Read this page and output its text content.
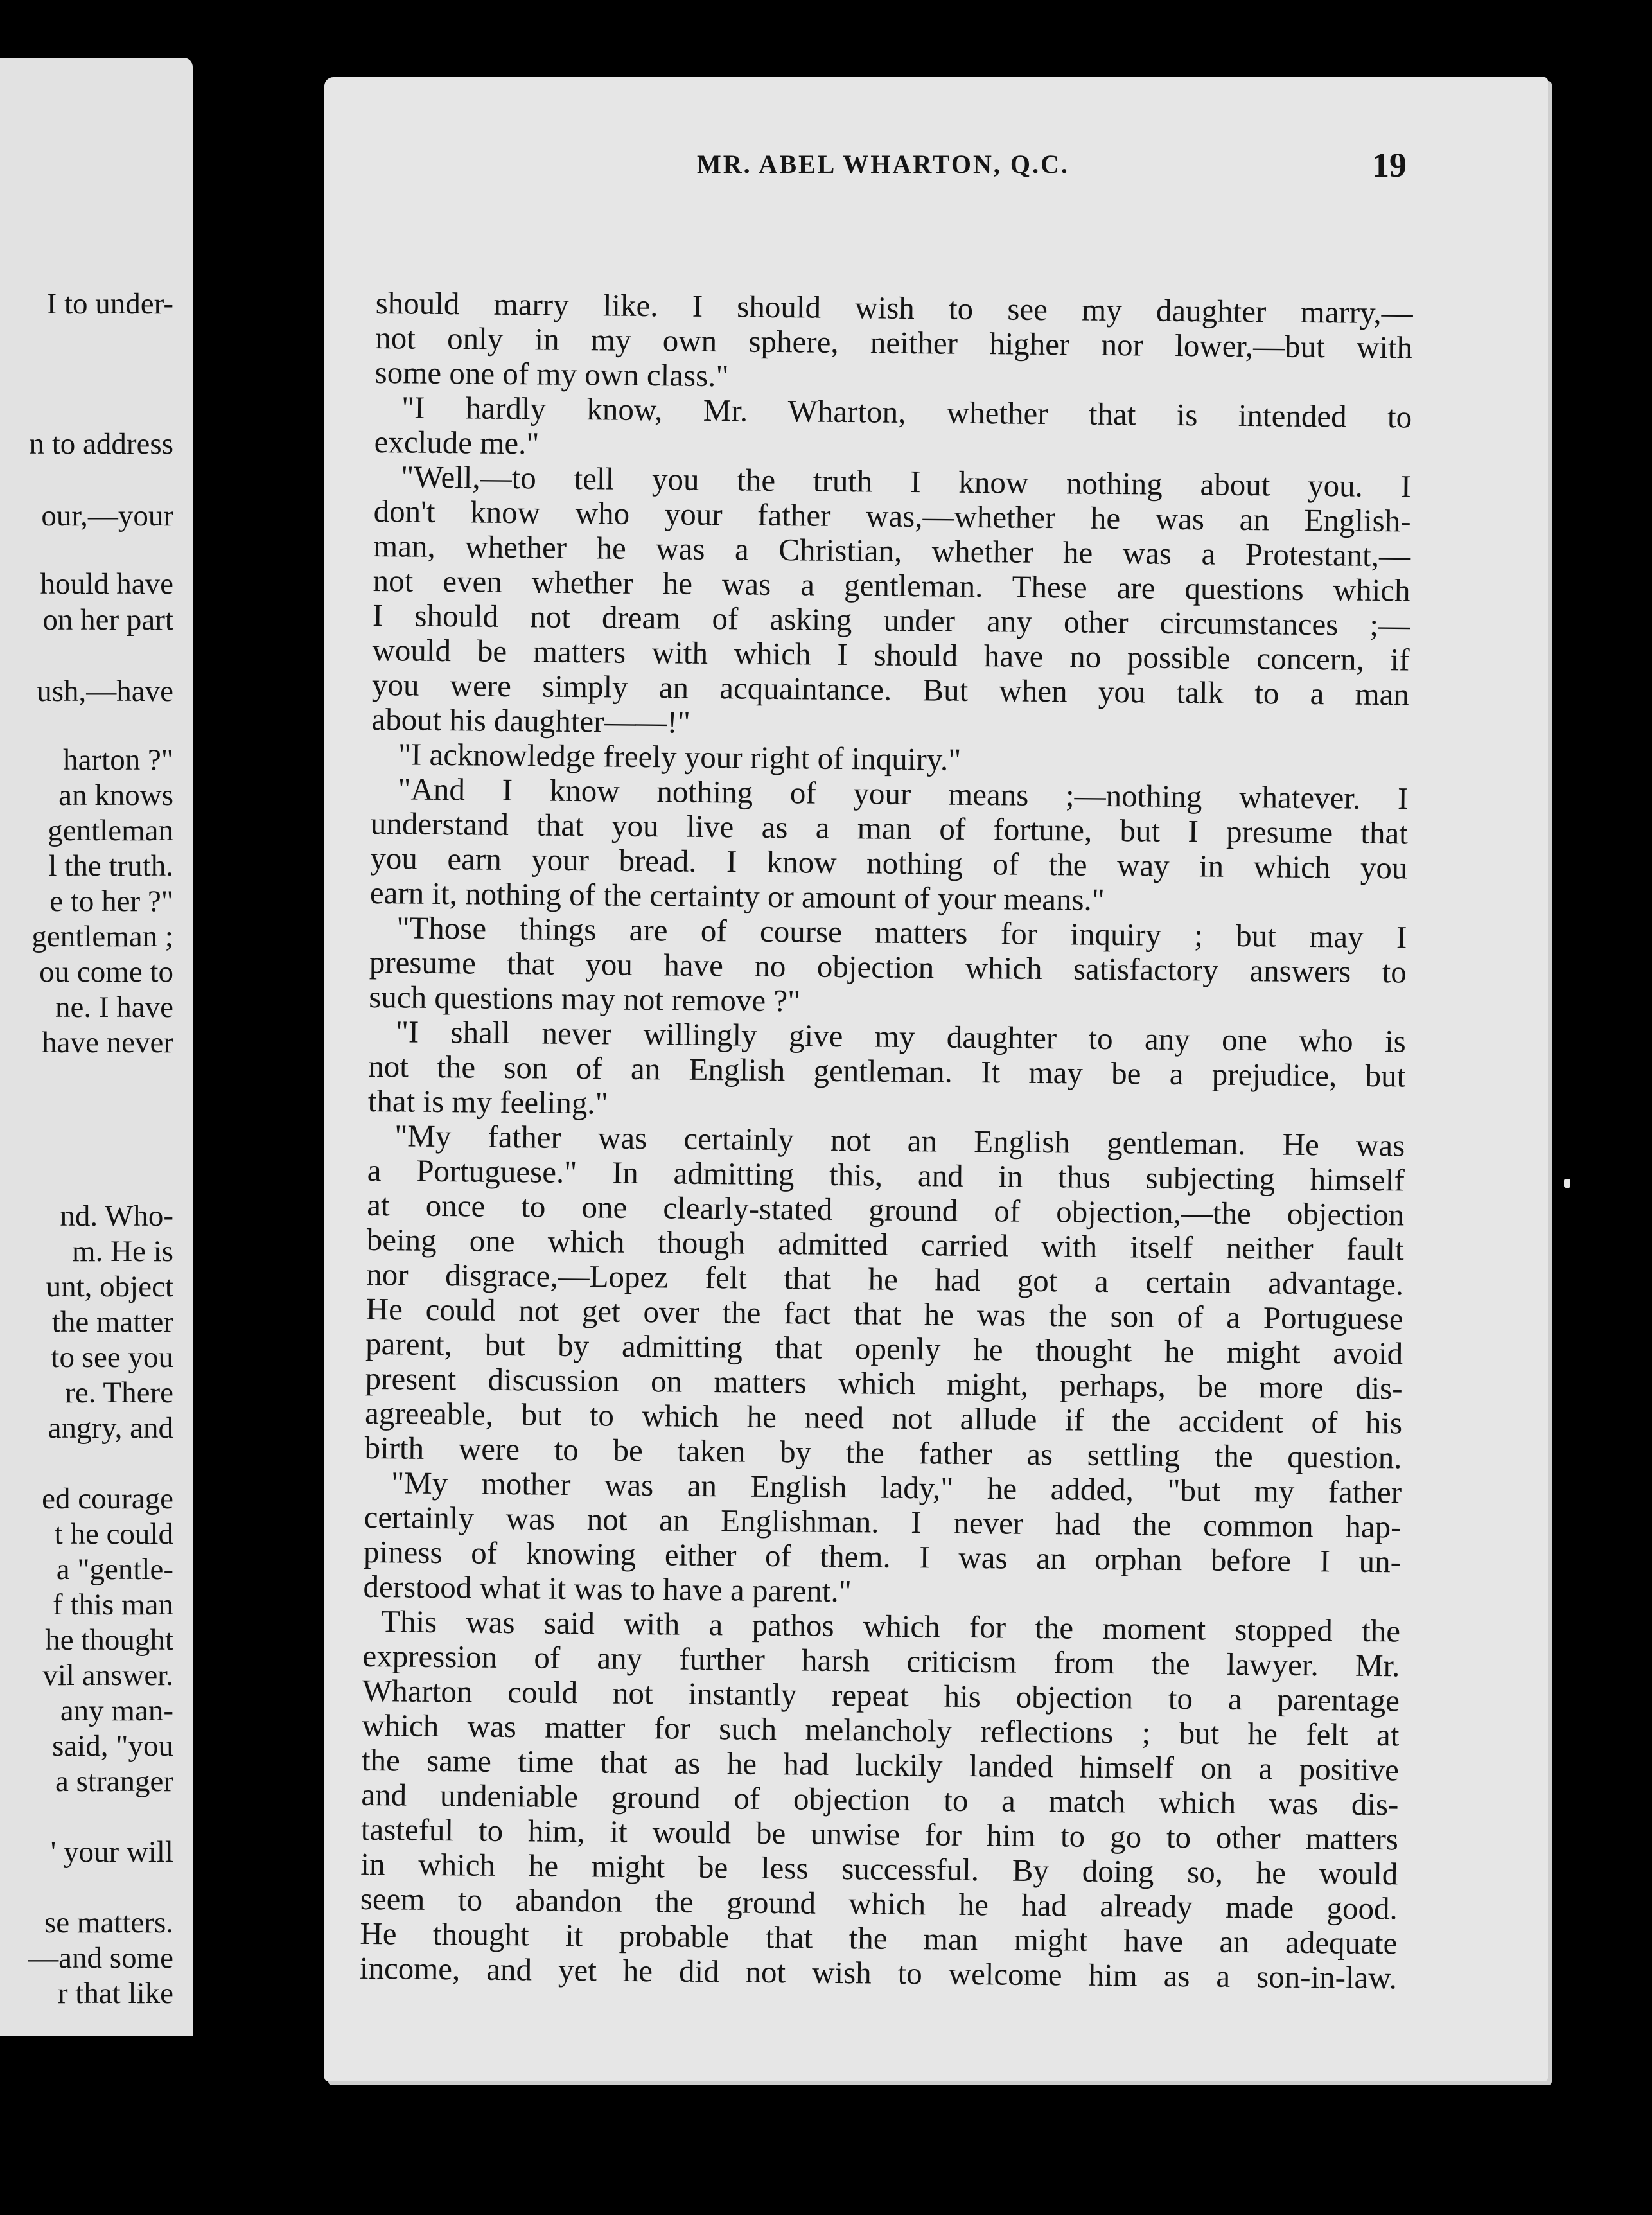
I to under-
n to address
our,—your
hould have
on her part
ush,—have
harton ?"
an knows
gentleman
l the truth.
e to her ?"
gentleman ;
ou come to
ne. I have
have never
nd. Who-
m. He is
unt, object
the matter
to see you
re. There
angry, and
ed courage
t he could
a "gentle-
f this man
he thought
vil answer.
any man-
said, "you
a stranger
' your will
se matters.
—and some
r that like
MR. ABEL WHARTON, Q.C.	19
should marry like. I should wish to see my daughter marry,—
not only in my own sphere, neither higher nor lower,—but with
some one of my own class."
"I hardly know, Mr. Wharton, whether that is intended to
exclude me."
"Well,—to tell you the truth I know nothing about you. I
don't know who your father was,—whether he was an English-
man, whether he was a Christian, whether he was a Protestant,—
not even whether he was a gentleman. These are questions which
I should not dream of asking under any other circumstances ;—
would be matters with which I should have no possible concern, if
you were simply an acquaintance. But when you talk to a man
about his daughter——!"
"I acknowledge freely your right of inquiry."
"And I know nothing of your means ;—nothing whatever. I
understand that you live as a man of fortune, but I presume that
you earn your bread. I know nothing of the way in which you
earn it, nothing of the certainty or amount of your means."
"Those things are of course matters for inquiry ; but may I
presume that you have no objection which satisfactory answers to
such questions may not remove ?"
"I shall never willingly give my daughter to any one who is
not the son of an English gentleman. It may be a prejudice, but
that is my feeling."
"My father was certainly not an English gentleman. He was
a Portuguese." In admitting this, and in thus subjecting himself
at once to one clearly-stated ground of objection,—the objection
being one which though admitted carried with itself neither fault
nor disgrace,—Lopez felt that he had got a certain advantage.
He could not get over the fact that he was the son of a Portuguese
parent, but by admitting that openly he thought he might avoid
present discussion on matters which might, perhaps, be more dis-
agreeable, but to which he need not allude if the accident of his
birth were to be taken by the father as settling the question.
"My mother was an English lady," he added, "but my father
certainly was not an Englishman. I never had the common hap-
piness of knowing either of them. I was an orphan before I un-
derstood what it was to have a parent."
This was said with a pathos which for the moment stopped the
expression of any further harsh criticism from the lawyer. Mr.
Wharton could not instantly repeat his objection to a parentage
which was matter for such melancholy reflections ; but he felt at
the same time that as he had luckily landed himself on a positive
and undeniable ground of objection to a match which was dis-
tasteful to him, it would be unwise for him to go to other matters
in which he might be less successful. By doing so, he would
seem to abandon the ground which he had already made good.
He thought it probable that the man might have an adequate
income, and yet he did not wish to welcome him as a son-in-law.
